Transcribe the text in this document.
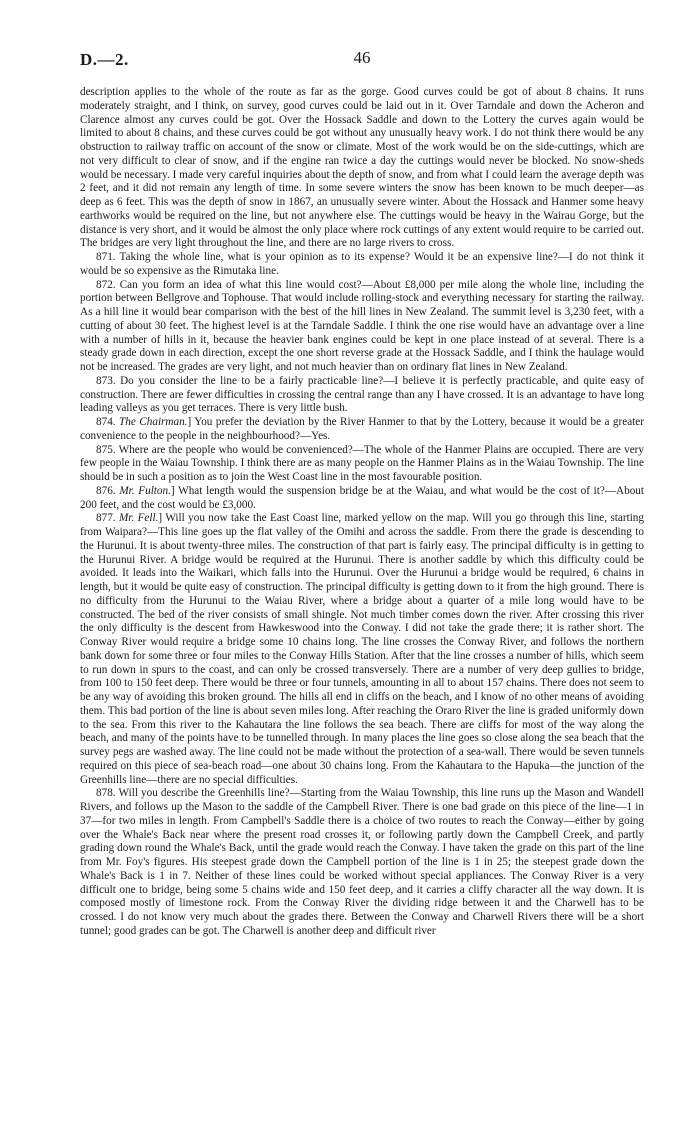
D.—2.	46

description applies to the whole of the route as far as the gorge. Good curves could be got of about 8 chains. It runs moderately straight, and I think, on survey, good curves could be laid out in it. Over Tarndale and down the Acheron and Clarence almost any curves could be got. Over the Hossack Saddle and down to the Lottery the curves again would be limited to about 8 chains, and these curves could be got without any unusually heavy work. I do not think there would be any obstruction to railway traffic on account of the snow or climate. Most of the work would be on the side-cuttings, which are not very difficult to clear of snow, and if the engine ran twice a day the cuttings would never be blocked. No snow-sheds would be necessary. I made very careful inquiries about the depth of snow, and from what I could learn the average depth was 2 feet, and it did not remain any length of time. In some severe winters the snow has been known to be much deeper—as deep as 6 feet. This was the depth of snow in 1867, an unusually severe winter. About the Hossack and Hanmer some heavy earthworks would be required on the line, but not anywhere else. The cuttings would be heavy in the Wairau Gorge, but the distance is very short, and it would be almost the only place where rock cuttings of any extent would require to be carried out. The bridges are very light throughout the line, and there are no large rivers to cross.

871. Taking the whole line, what is your opinion as to its expense? Would it be an expensive line?—I do not think it would be so expensive as the Rimutaka line.

872. Can you form an idea of what this line would cost?—About £8,000 per mile along the whole line, including the portion between Bellgrove and Tophouse. That would include rolling-stock and everything necessary for starting the railway. As a hill line it would bear comparison with the best of the hill lines in New Zealand. The summit level is 3,230 feet, with a cutting of about 30 feet. The highest level is at the Tarndale Saddle. I think the one rise would have an advantage over a line with a number of hills in it, because the heavier bank engines could be kept in one place instead of at several. There is a steady grade down in each direction, except the one short reverse grade at the Hossack Saddle, and I think the haulage would not be increased. The grades are very light, and not much heavier than on ordinary flat lines in New Zealand.

873. Do you consider the line to be a fairly practicable line?—I believe it is perfectly practicable, and quite easy of construction. There are fewer difficulties in crossing the central range than any I have crossed. It is an advantage to have long leading valleys as you get terraces. There is very little bush.

874. The Chairman.] You prefer the deviation by the River Hanmer to that by the Lottery, because it would be a greater convenience to the people in the neighbourhood?—Yes.

875. Where are the people who would be convenienced?—The whole of the Hanmer Plains are occupied. There are very few people in the Waiau Township. I think there are as many people on the Hanmer Plains as in the Waiau Township. The line should be in such a position as to join the West Coast line in the most favourable position.

876. Mr. Fulton.] What length would the suspension bridge be at the Waiau, and what would be the cost of it?—About 200 feet, and the cost would be £3,000.

877. Mr. Fell.] Will you now take the East Coast line, marked yellow on the map. Will you go through this line, starting from Waipara?—This line goes up the flat valley of the Omihi and across the saddle. From there the grade is descending to the Hurunui. It is about twenty-three miles. The construction of that part is fairly easy. The principal difficulty is in getting to the Hurunui River. A bridge would be required at the Hurunui. There is another saddle by which this difficulty could be avoided. It leads into the Waikari, which falls into the Hurunui. Over the Hurunui a bridge would be required, 6 chains in length, but it would be quite easy of construction. The principal difficulty is getting down to it from the high ground. There is no difficulty from the Hurunui to the Waiau River, where a bridge about a quarter of a mile long would have to be constructed. The bed of the river consists of small shingle. Not much timber comes down the river. After crossing this river the only difficulty is the descent from Hawkeswood into the Conway. I did not take the grade there; it is rather short. The Conway River would require a bridge some 10 chains long. The line crosses the Conway River, and follows the northern bank down for some three or four miles to the Conway Hills Station. After that the line crosses a number of hills, which seem to run down in spurs to the coast, and can only be crossed transversely. There are a number of very deep gullies to bridge, from 100 to 150 feet deep. There would be three or four tunnels, amounting in all to about 157 chains. There does not seem to be any way of avoiding this broken ground. The hills all end in cliffs on the beach, and I know of no other means of avoiding them. This bad portion of the line is about seven miles long. After reaching the Oraro River the line is graded uniformly down to the sea. From this river to the Kahautara the line follows the sea beach. There are cliffs for most of the way along the beach, and many of the points have to be tunnelled through. In many places the line goes so close along the sea beach that the survey pegs are washed away. The line could not be made without the protection of a sea-wall. There would be seven tunnels required on this piece of sea-beach road—one about 30 chains long. From the Kahautara to the Hapuka—the junction of the Greenhills line—there are no special difficulties.

878. Will you describe the Greenhills line?—Starting from the Waiau Township, this line runs up the Mason and Wandell Rivers, and follows up the Mason to the saddle of the Campbell River. There is one bad grade on this piece of the line—1 in 37—for two miles in length. From Campbell's Saddle there is a choice of two routes to reach the Conway—either by going over the Whale's Back near where the present road crosses it, or following partly down the Campbell Creek, and partly grading down round the Whale's Back, until the grade would reach the Conway. I have taken the grade on this part of the line from Mr. Foy's figures. His steepest grade down the Campbell portion of the line is 1 in 25; the steepest grade down the Whale's Back is 1 in 7. Neither of these lines could be worked without special appliances. The Conway River is a very difficult one to bridge, being some 5 chains wide and 150 feet deep, and it carries a cliffy character all the way down. It is composed mostly of limestone rock. From the Conway River the dividing ridge between it and the Charwell has to be crossed. I do not know very much about the grades there. Between the Conway and Charwell Rivers there will be a short tunnel; good grades can be got. The Charwell is another deep and difficult river
